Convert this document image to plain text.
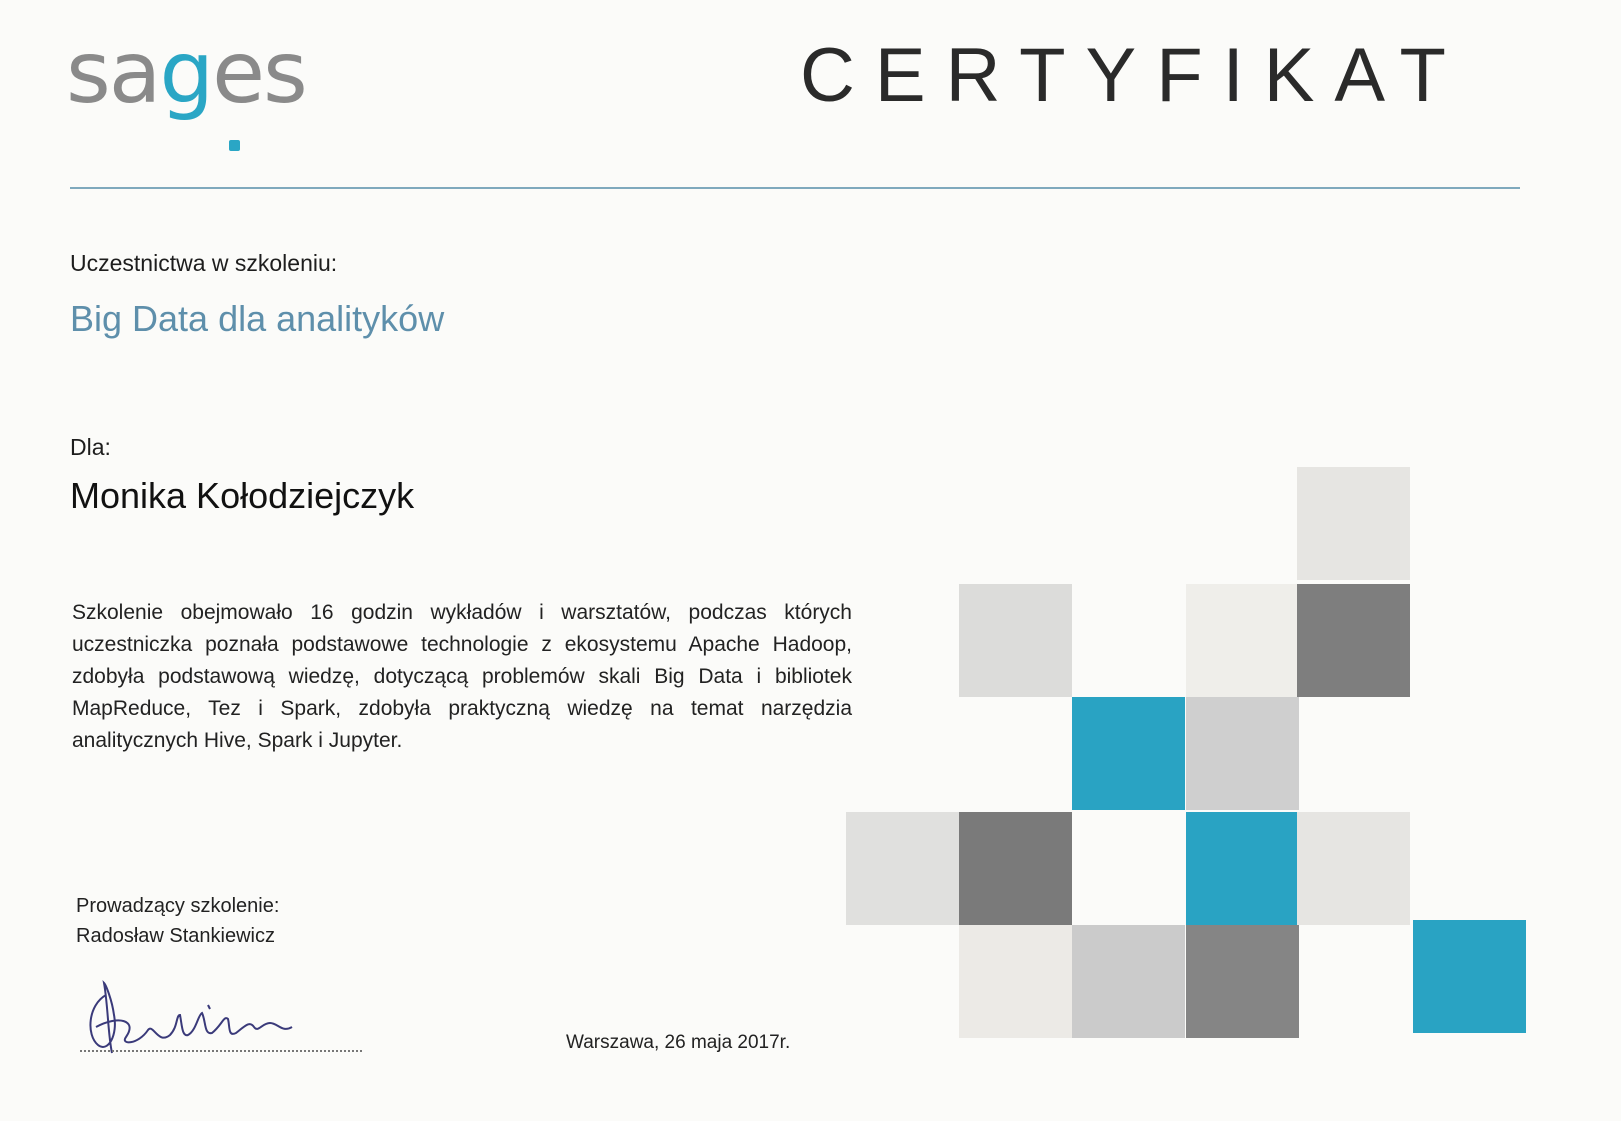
sages	CERTYFIKAT
Uczestnictwa w szkoleniu:
Big Data dla analityków
Dla:
Monika Kołodziejczyk
Szkolenie obejmowało 16 godzin wykładów i warsztatów, podczas których uczestniczka poznała podstawowe technologie z ekosystemu Apache Hadoop, zdobyła podstawową wiedzę, dotyczącą problemów skali Big Data i bibliotek MapReduce, Tez i Spark, zdobyła praktyczną wiedzę na temat narzędzia analitycznych Hive, Spark i Jupyter.
Prowadzący szkolenie:
Radosław Stankiewicz
Warszawa, 26 maja 2017r.
